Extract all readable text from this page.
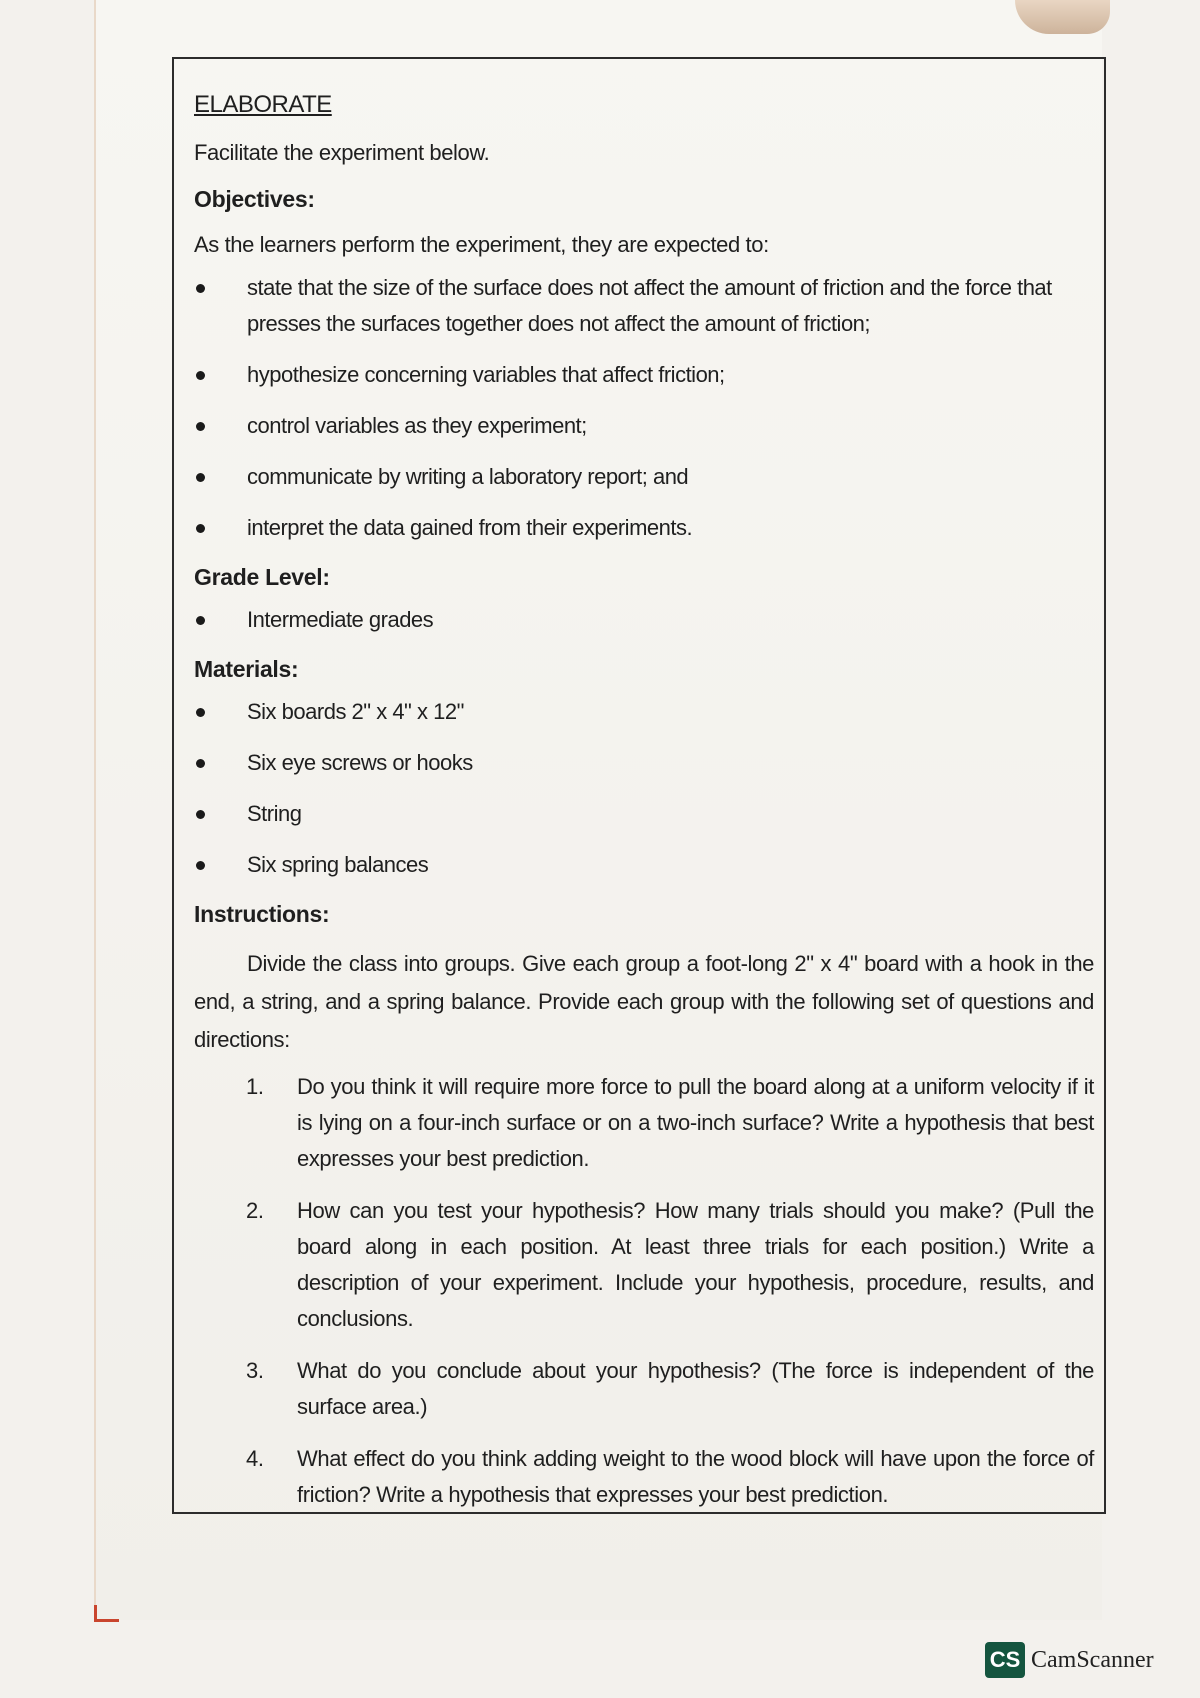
ELABORATE

Facilitate the experiment below.

Objectives:

As the learners perform the experiment, they are expected to:

state that the size of the surface does not affect the amount of friction and the force that presses the surfaces together does not affect the amount of friction;
hypothesize concerning variables that affect friction;
control variables as they experiment;
communicate by writing a laboratory report; and
interpret the data gained from their experiments.

Grade Level:

Intermediate grades

Materials:

Six boards 2" x 4" x 12"
Six eye screws or hooks
String
Six spring balances

Instructions:

Divide the class into groups. Give each group a foot-long 2" x 4" board with a hook in the end, a string, and a spring balance. Provide each group with the following set of questions and directions:

1. Do you think it will require more force to pull the board along at a uniform velocity if it is lying on a four-inch surface or on a two-inch surface? Write a hypothesis that best expresses your best prediction.
2. How can you test your hypothesis? How many trials should you make? (Pull the board along in each position. At least three trials for each position.) Write a description of your experiment. Include your hypothesis, procedure, results, and conclusions.
3. What do you conclude about your hypothesis? (The force is independent of the surface area.)
4. What effect do you think adding weight to the wood block will have upon the force of friction? Write a hypothesis that expresses your best prediction.
CS CamScanner
